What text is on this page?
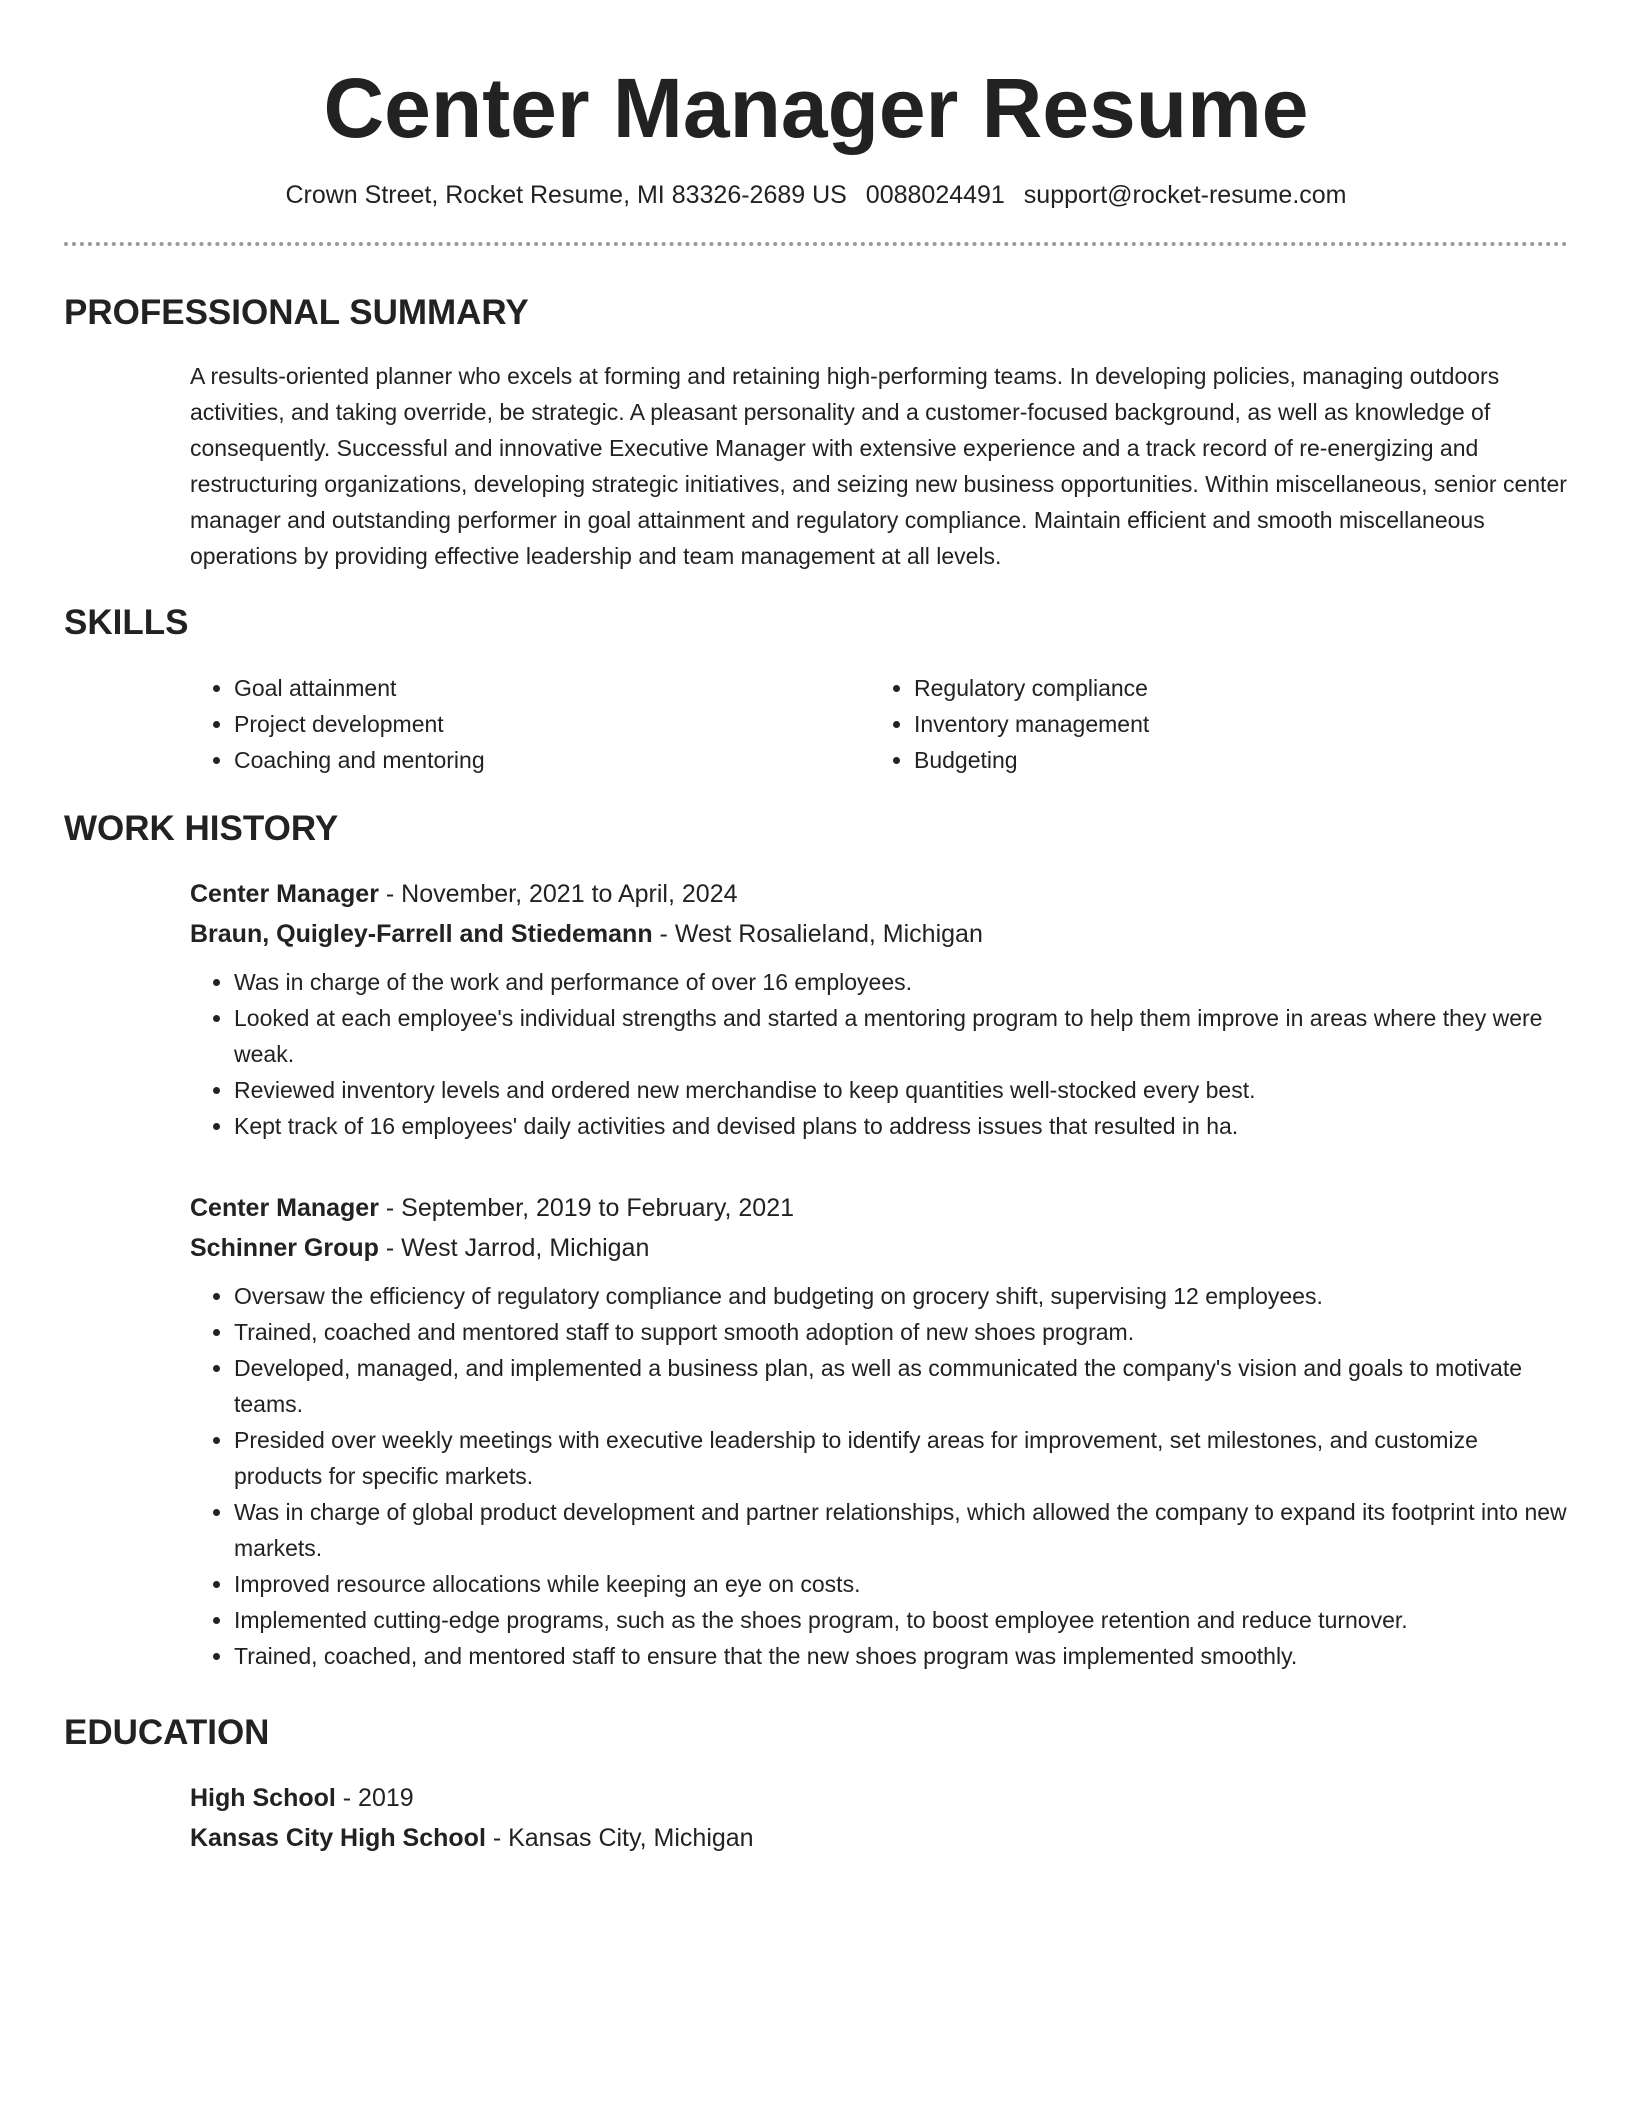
Center Manager Resume
Crown Street, Rocket Resume, MI 83326-2689 US 0088024491 support@rocket-resume.com
PROFESSIONAL SUMMARY

A results-oriented planner who excels at forming and retaining high-performing teams. In developing policies, managing outdoors activities, and taking override, be strategic. A pleasant personality and a customer-focused background, as well as knowledge of consequently. Successful and innovative Executive Manager with extensive experience and a track record of re-energizing and restructuring organizations, developing strategic initiatives, and seizing new business opportunities. Within miscellaneous, senior center manager and outstanding performer in goal attainment and regulatory compliance. Maintain efficient and smooth miscellaneous operations by providing effective leadership and team management at all levels.

SKILLS
• Goal attainment
• Project development
• Coaching and mentoring
• Regulatory compliance
• Inventory management
• Budgeting
WORK HISTORY
Center Manager - November, 2021 to April, 2024
Braun, Quigley-Farrell and Stiedemann - West Rosalieland, Michigan
• Was in charge of the work and performance of over 16 employees.
• Looked at each employee's individual strengths and started a mentoring program to help them improve in areas where they were weak.
• Reviewed inventory levels and ordered new merchandise to keep quantities well-stocked every best.
• Kept track of 16 employees' daily activities and devised plans to address issues that resulted in ha.
Center Manager - September, 2019 to February, 2021
Schinner Group - West Jarrod, Michigan
• Oversaw the efficiency of regulatory compliance and budgeting on grocery shift, supervising 12 employees.
• Trained, coached and mentored staff to support smooth adoption of new shoes program.
• Developed, managed, and implemented a business plan, as well as communicated the company's vision and goals to motivate teams.
• Presided over weekly meetings with executive leadership to identify areas for improvement, set milestones, and customize products for specific markets.
• Was in charge of global product development and partner relationships, which allowed the company to expand its footprint into new markets.
• Improved resource allocations while keeping an eye on costs.
• Implemented cutting-edge programs, such as the shoes program, to boost employee retention and reduce turnover.
• Trained, coached, and mentored staff to ensure that the new shoes program was implemented smoothly.
EDUCATION
High School - 2019
Kansas City High School - Kansas City, Michigan
